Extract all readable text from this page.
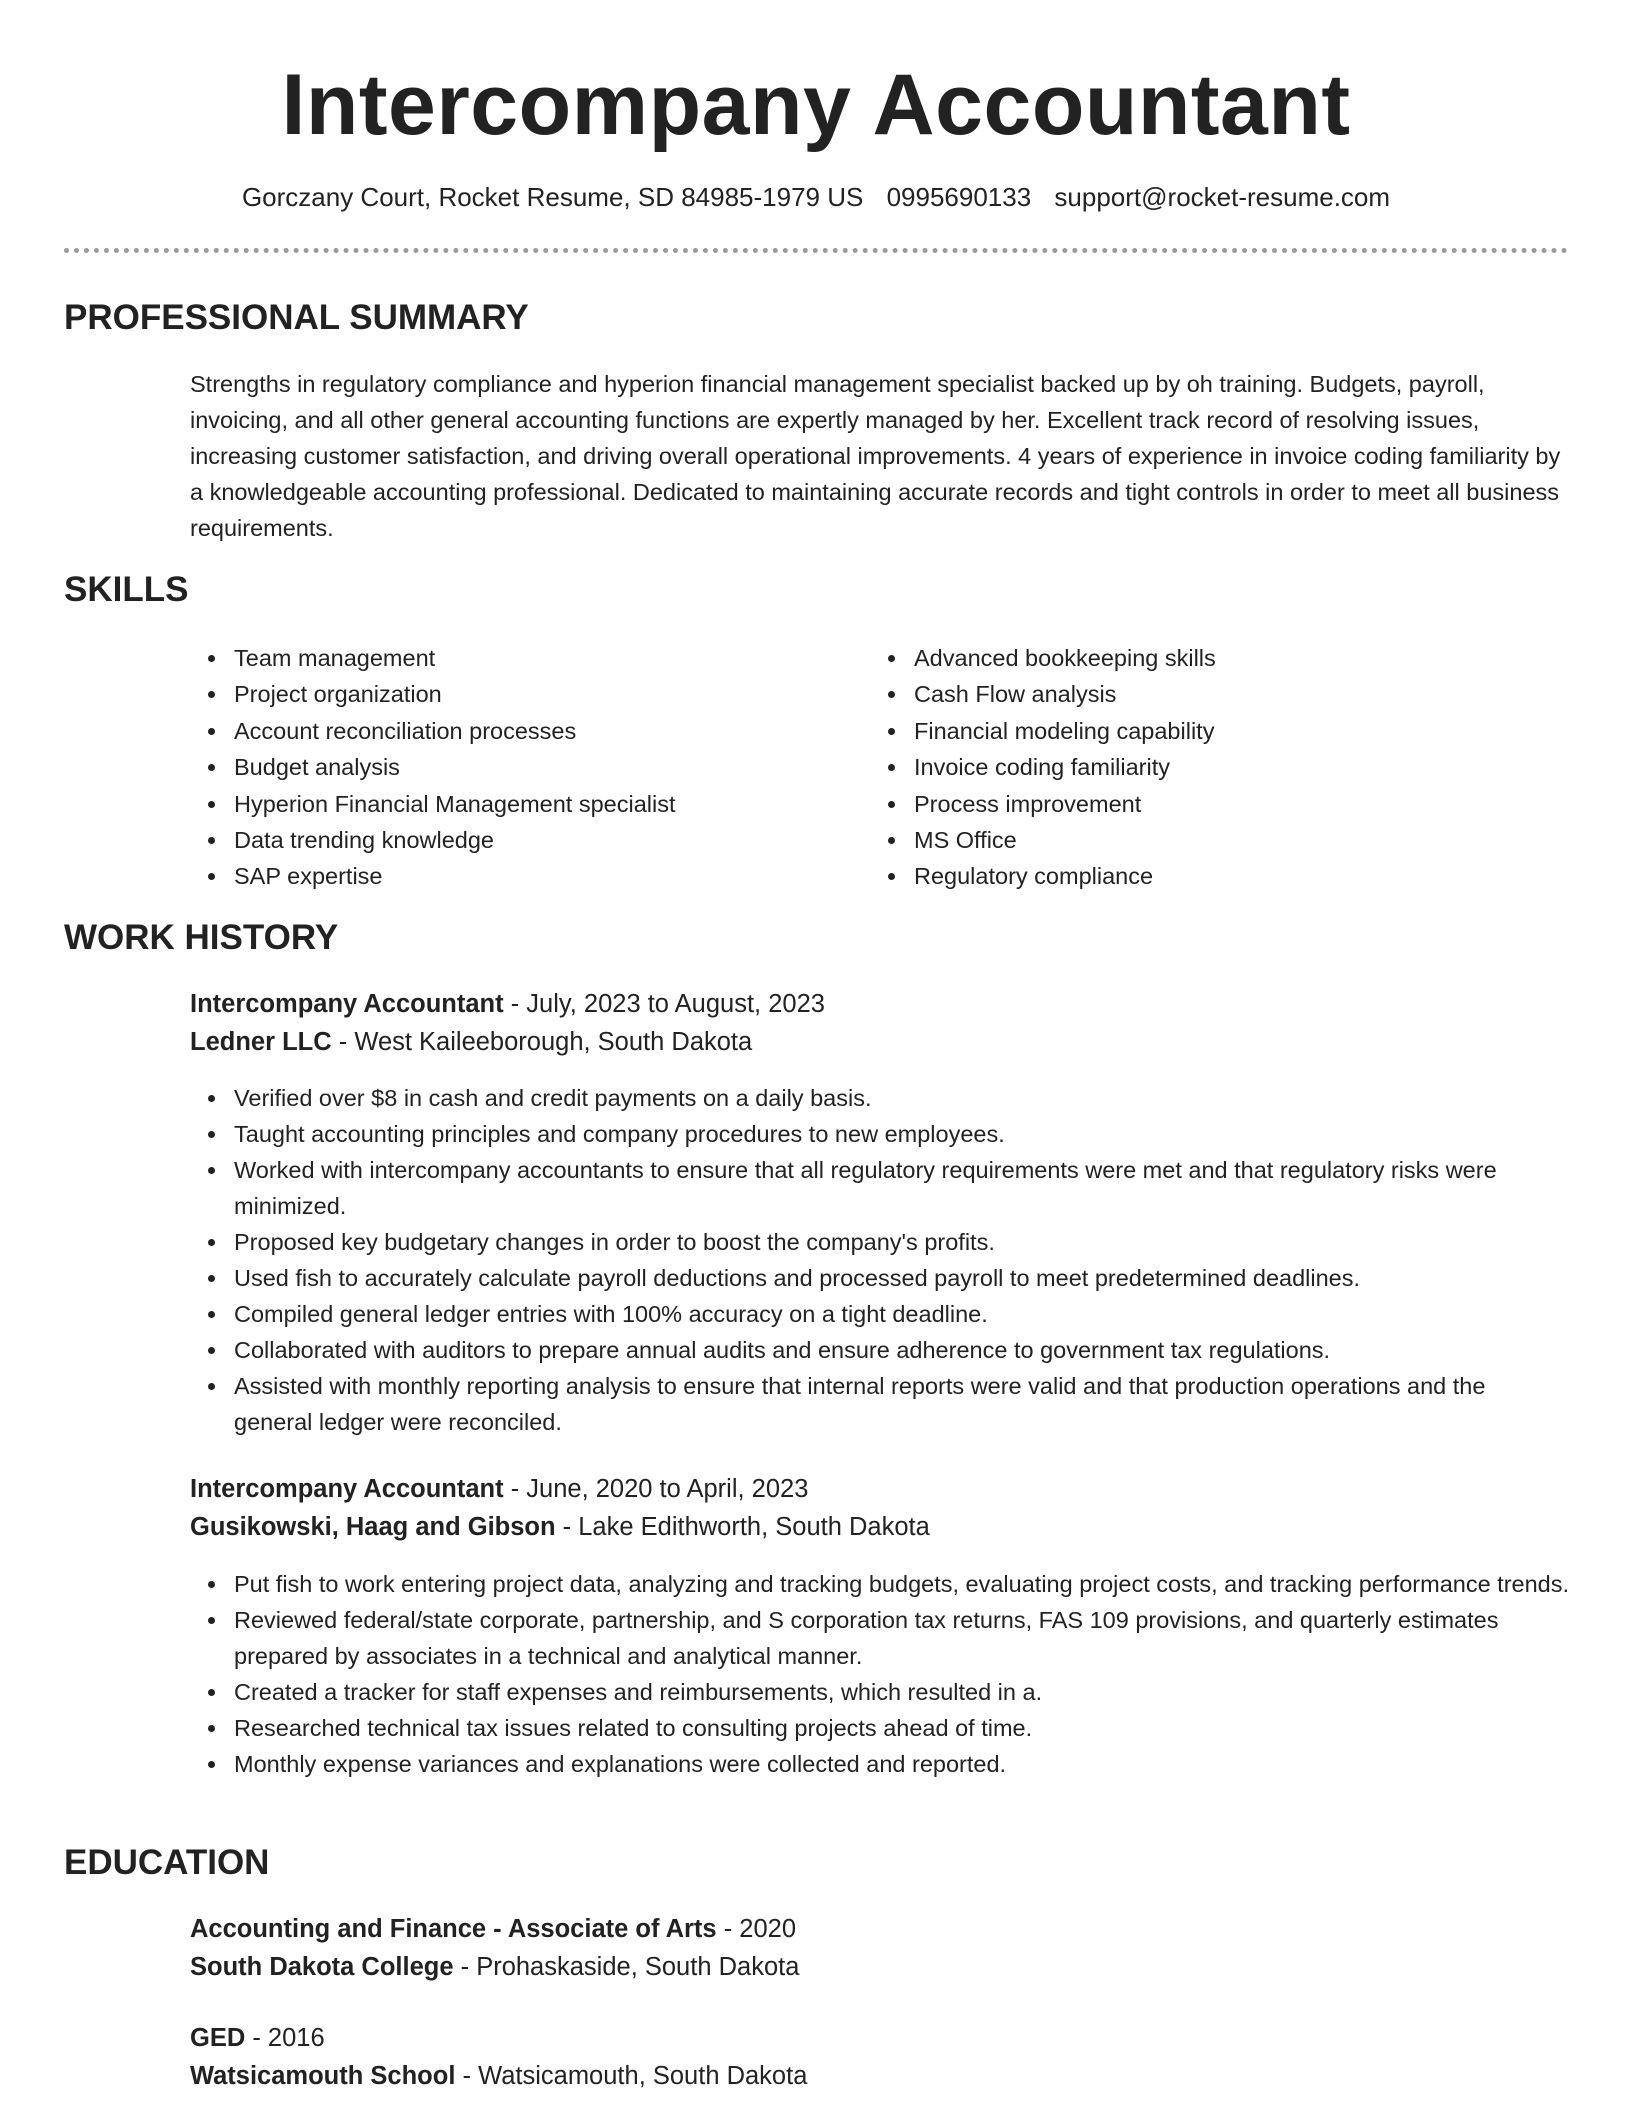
Intercompany Accountant
Gorczany Court, Rocket Resume, SD 84985-1979 US 0995690133 support@rocket-resume.com
PROFESSIONAL SUMMARY

Strengths in regulatory compliance and hyperion financial management specialist backed up by oh training. Budgets, payroll, invoicing, and all other general accounting functions are expertly managed by her. Excellent track record of resolving issues, increasing customer satisfaction, and driving overall operational improvements. 4 years of experience in invoice coding familiarity by a knowledgeable accounting professional. Dedicated to maintaining accurate records and tight controls in order to meet all business requirements.

SKILLS
Team management
Project organization
Account reconciliation processes
Budget analysis
Hyperion Financial Management specialist
Data trending knowledge
SAP expertise
Advanced bookkeeping skills
Cash Flow analysis
Financial modeling capability
Invoice coding familiarity
Process improvement
MS Office
Regulatory compliance
WORK HISTORY
Intercompany Accountant - July, 2023 to August, 2023
Ledner LLC - West Kaileeborough, South Dakota
Verified over $8 in cash and credit payments on a daily basis.
Taught accounting principles and company procedures to new employees.
Worked with intercompany accountants to ensure that all regulatory requirements were met and that regulatory risks were minimized.
Proposed key budgetary changes in order to boost the company's profits.
Used fish to accurately calculate payroll deductions and processed payroll to meet predetermined deadlines.
Compiled general ledger entries with 100% accuracy on a tight deadline.
Collaborated with auditors to prepare annual audits and ensure adherence to government tax regulations.
Assisted with monthly reporting analysis to ensure that internal reports were valid and that production operations and the general ledger were reconciled.
Intercompany Accountant - June, 2020 to April, 2023
Gusikowski, Haag and Gibson - Lake Edithworth, South Dakota
Put fish to work entering project data, analyzing and tracking budgets, evaluating project costs, and tracking performance trends.
Reviewed federal/state corporate, partnership, and S corporation tax returns, FAS 109 provisions, and quarterly estimates prepared by associates in a technical and analytical manner.
Created a tracker for staff expenses and reimbursements, which resulted in a.
Researched technical tax issues related to consulting projects ahead of time.
Monthly expense variances and explanations were collected and reported.
EDUCATION
Accounting and Finance - Associate of Arts - 2020
South Dakota College - Prohaskaside, South Dakota
GED - 2016
Watsicamouth School - Watsicamouth, South Dakota
